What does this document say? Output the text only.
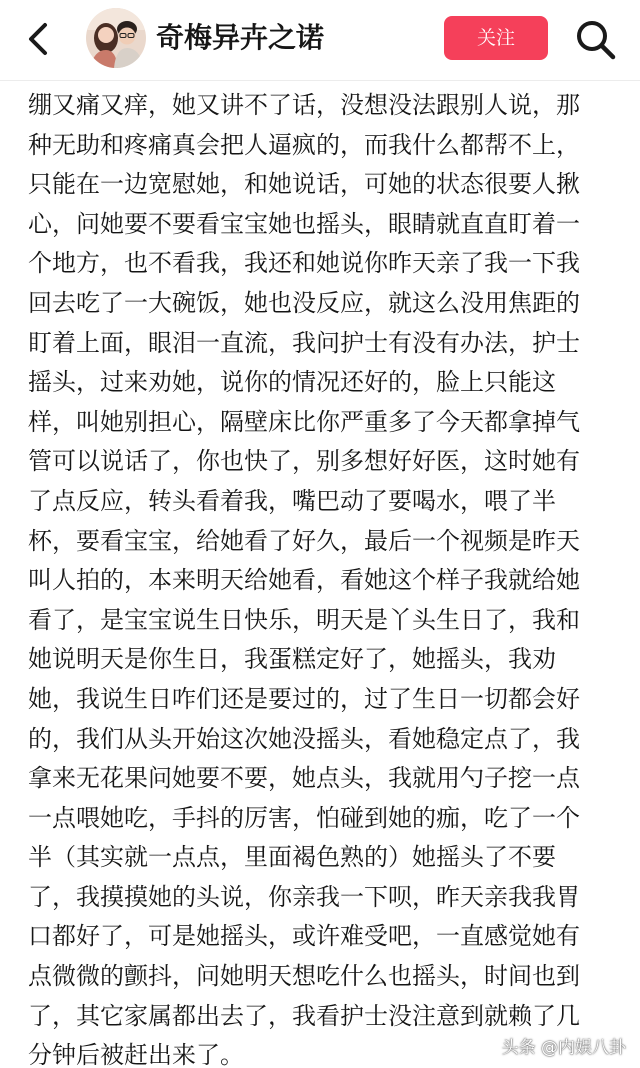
奇梅异卉之诺	关注
绷又痛又痒，她又讲不了话，没想没法跟别人说，那
种无助和疼痛真会把人逼疯的，而我什么都帮不上，
只能在一边宽慰她，和她说话，可她的状态很要人揪
心，问她要不要看宝宝她也摇头，眼睛就直直盯着一
个地方，也不看我，我还和她说你昨天亲了我一下我
回去吃了一大碗饭，她也没反应，就这么没用焦距的
盯着上面，眼泪一直流，我问护士有没有办法，护士
摇头，过来劝她，说你的情况还好的，脸上只能这
样，叫她别担心，隔壁床比你严重多了今天都拿掉气
管可以说话了，你也快了，别多想好好医，这时她有
了点反应，转头看着我，嘴巴动了要喝水，喂了半
杯，要看宝宝，给她看了好久，最后一个视频是昨天
叫人拍的，本来明天给她看，看她这个样子我就给她
看了，是宝宝说生日快乐，明天是丫头生日了，我和
她说明天是你生日，我蛋糕定好了，她摇头，我劝
她，我说生日咋们还是要过的，过了生日一切都会好
的，我们从头开始这次她没摇头，看她稳定点了，我
拿来无花果问她要不要，她点头，我就用勺子挖一点
一点喂她吃，手抖的厉害，怕碰到她的痂，吃了一个
半（其实就一点点，里面褐色熟的）她摇头了不要
了，我摸摸她的头说，你亲我一下呗，昨天亲我我胃
口都好了，可是她摇头，或许难受吧，一直感觉她有
点微微的颤抖，问她明天想吃什么也摇头，时间也到
了，其它家属都出去了，我看护士没注意到就赖了几
分钟后被赶出来了。	头条 @内娱八卦
